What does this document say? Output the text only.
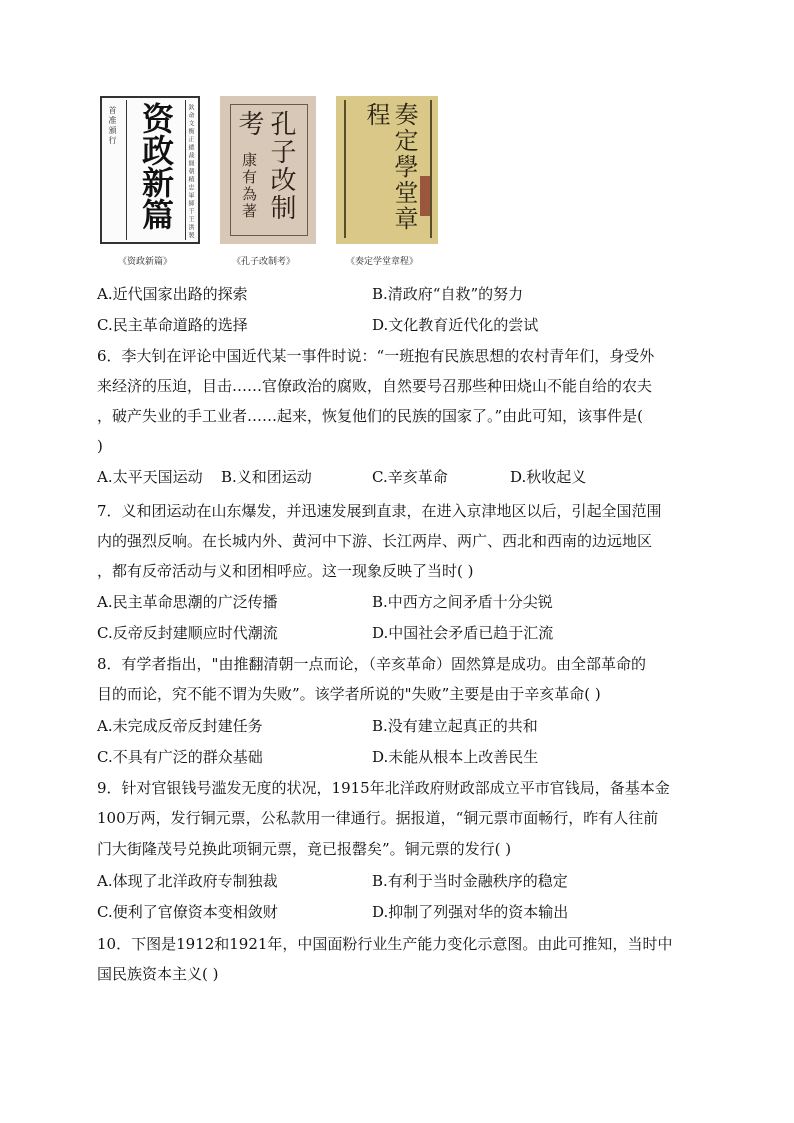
首准頒行 资政新篇	欽命文衡正總裁開朝精忠軍師干王洪製
《资政新篇》
孔子改制
考
康有為著
《孔子改制考》
奏定學堂章程
《奏定学堂章程》
A.近代国家出路的探索	B.清政府“自救”的努力
C.民主革命道路的选择	D.文化教育近代化的尝试
6．李大钊在评论中国近代某一事件时说：“一班抱有民族思想的农村青年们，身受外
来经济的压迫，目击……官僚政治的腐败，自然要号召那些种田烧山不能自给的农夫
，破产失业的手工业者……起来，恢复他们的民族的国家了。”由此可知，该事件是(
)
A.太平天国运动 B.义和团运动	C.辛亥革命	D.秋收起义
7．义和团运动在山东爆发，并迅速发展到直隶，在进入京津地区以后，引起全国范围
内的强烈反响。在长城内外、黄河中下游、长江两岸、两广、西北和西南的边远地区
，都有反帝活动与义和团相呼应。这一现象反映了当时( )
A.民主革命思潮的广泛传播	B.中西方之间矛盾十分尖锐
C.反帝反封建顺应时代潮流	D.中国社会矛盾已趋于汇流
8．有学者指出，"由推翻清朝一点而论，（辛亥革命）固然算是成功。由全部革命的
目的而论，究不能不谓为失败”。该学者所说的"失败”主要是由于辛亥革命( )
A.未完成反帝反封建任务	B.没有建立起真正的共和
C.不具有广泛的群众基础	D.未能从根本上改善民生
9．针对官银钱号滥发无度的状况，1915年北洋政府财政部成立平市官钱局，备基本金
100万两，发行铜元票，公私款用一律通行。据报道，“铜元票市面畅行，昨有人往前
门大街隆茂号兑换此项铜元票，竟已报罄矣”。铜元票的发行( )
A.体现了北洋政府专制独裁	B.有利于当时金融秩序的稳定
C.便利了官僚资本变相敛财	D.抑制了列强对华的资本输出
10．下图是1912和1921年，中国面粉行业生产能力变化示意图。由此可推知，当时中
国民族资本主义( )
